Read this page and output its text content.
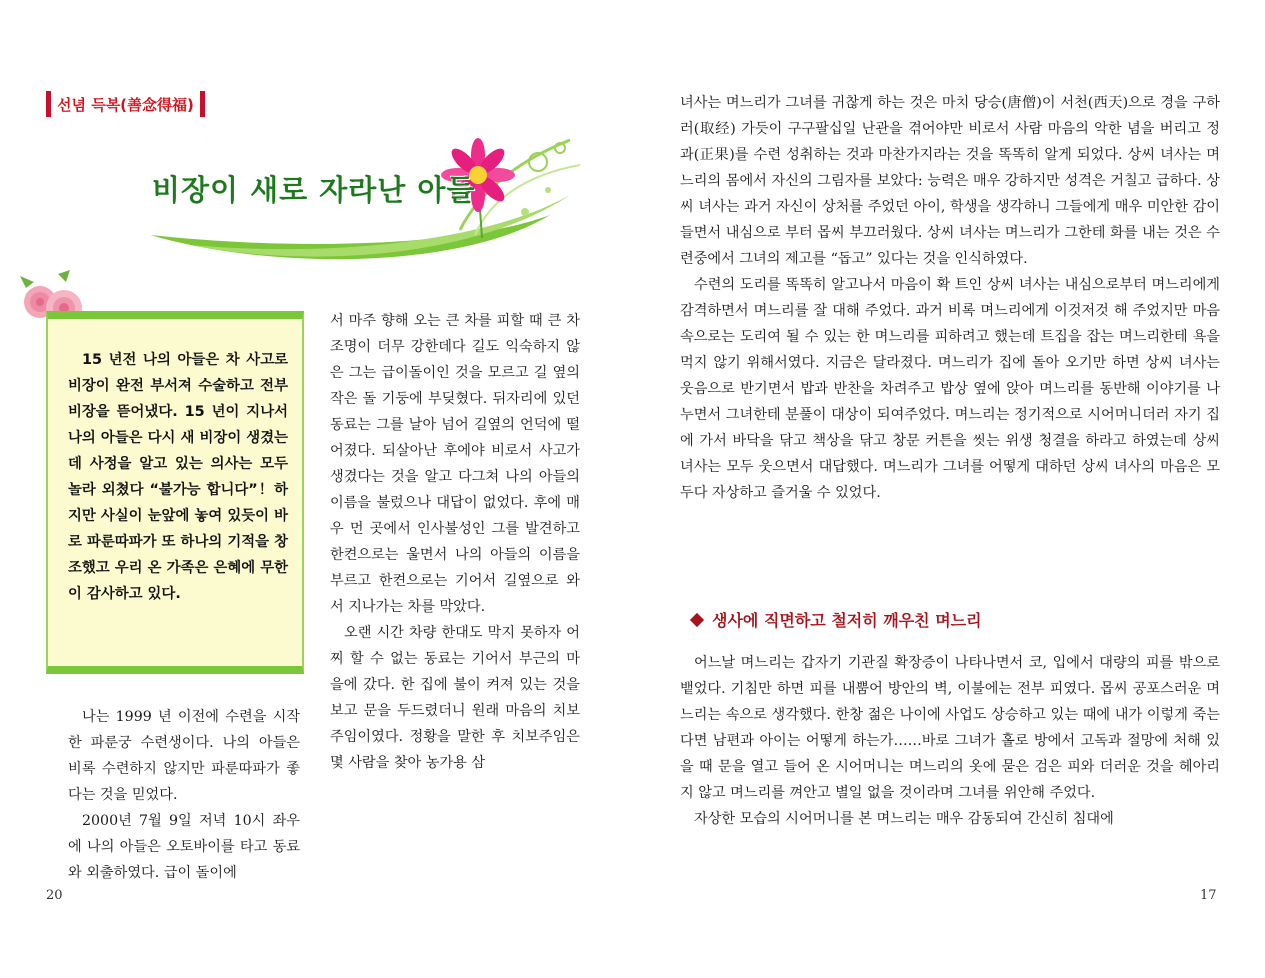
선념 득복(善念得福)
비장이 새로 자라난 아들

15 년전 나의 아들은 차 사고로 비장이 완전 부서져 수술하고 전부 비장을 뜯어냈다. 15 년이 지나서 나의 아들은 다시 새 비장이 생겼는데 사정을 알고 있는 의사는 모두 놀라 외쳤다 “불가능 합니다”！하지만 사실이 눈앞에 놓여 있듯이 바로 파룬따파가 또 하나의 기적을 창조했고 우리 온 가족은 은혜에 무한이 감사하고 있다.

나는 1999 년 이전에 수련을 시작한 파룬궁 수련생이다. 나의 아들은 비록 수련하지 않지만 파룬따파가 좋다는 것을 믿었다.
2000년 7월 9일 저녁 10시 좌우에 나의 아들은 오토바이를 타고 동료와 외출하였다. 급이 돌이에
서 마주 향해 오는 큰 차를 피할 때 큰 차 조명이 더무 강한데다 길도 익숙하지 않은 그는 급이돌이인 것을 모르고 길 옆의 작은 돌 기둥에 부딪혔다. 뒤자리에 있던 동료는 그를 날아 넘어 길옆의 언덕에 떨어졌다. 되살아난 후에야 비로서 사고가 생겼다는 것을 알고 다그쳐 나의 아들의 이름을 불렀으나 대답이 없었다. 후에 매우 먼 곳에서 인사불성인 그를 발견하고 한켠으로는 울면서 나의 아들의 이름을 부르고 한켠으로는 기어서 길옆으로 와서 지나가는 차를 막았다.
오랜 시간 차량 한대도 막지 못하자 어찌 할 수 없는 동료는 기어서 부근의 마을에 갔다. 한 집에 불이 켜져 있는 것을 보고 문을 두드렸더니 원래 마음의 치보주임이였다. 정황을 말한 후 치보주임은 몇 사람을 찾아 농가용 삼
20
녀사는 며느리가 그녀를 귀찮게 하는 것은 마치 당승(唐僧)이 서천(西天)으로 경을 구하러(取经) 가듯이 구구팔십일 난관을 겪어야만 비로서 사람 마음의 악한 념을 버리고 정과(正果)를 수련 성취하는 것과 마찬가지라는 것을 똑똑히 알게 되었다. 상씨 녀사는 며느리의 몸에서 자신의 그림자를 보았다: 능력은 매우 강하지만 성격은 거칠고 급하다. 상씨 녀사는 과거 자신이 상처를 주었던 아이, 학생을 생각하니 그들에게 매우 미안한 감이 들면서 내심으로 부터 몹씨 부끄러웠다. 상씨 녀사는 며느리가 그한테 화를 내는 것은 수련중에서 그녀의 제고를 “돕고” 있다는 것을 인식하였다.
수련의 도리를 똑똑히 알고나서 마음이 확 트인 상씨 녀사는 내심으로부터 며느리에게 감격하면서 며느리를 잘 대해 주었다. 과거 비록 며느리에게 이것저것 해 주었지만 마음 속으로는 도리여 될 수 있는 한 며느리를 피하려고 했는데 트집을 잡는 며느리한테 욕을 먹지 않기 위해서였다. 지금은 달라졌다. 며느리가 집에 돌아 오기만 하면 상씨 녀사는 웃음으로 반기면서 밥과 반찬을 차려주고 밥상 옆에 앉아 며느리를 동반해 이야기를 나누면서 그녀한테 분풀이 대상이 되여주었다. 며느리는 정기적으로 시어머니더러 자기 집에 가서 바닥을 닦고 책상을 닦고 창문 커튼을 씻는 위생 청결을 하라고 하였는데 상씨 녀사는 모두 웃으면서 대답했다. 며느리가 그녀를 어떻게 대하던 상씨 녀사의 마음은 모두다 자상하고 즐거울 수 있었다.
생사에 직면하고 철저히 깨우친 며느리
어느날 며느리는 갑자기 기관질 확장증이 나타나면서 코, 입에서 대량의 피를 밖으로 뱉었다. 기침만 하면 피를 내뿜어 방안의 벽, 이불에는 전부 피였다. 몹씨 공포스러운 며느리는 속으로 생각했다. 한창 젊은 나이에 사업도 상승하고 있는 때에 내가 이렇게 죽는다면 남편과 아이는 어떻게 하는가……바로 그녀가 홀로 방에서 고독과 절망에 처해 있을 때 문을 열고 들어 온 시어머니는 며느리의 옷에 묻은 검은 피와 더러운 것을 헤아리지 않고 며느리를 껴안고 별일 없을 것이라며 그녀를 위안해 주었다.
자상한 모습의 시어머니를 본 며느리는 매우 감동되여 간신히 침대에
17
